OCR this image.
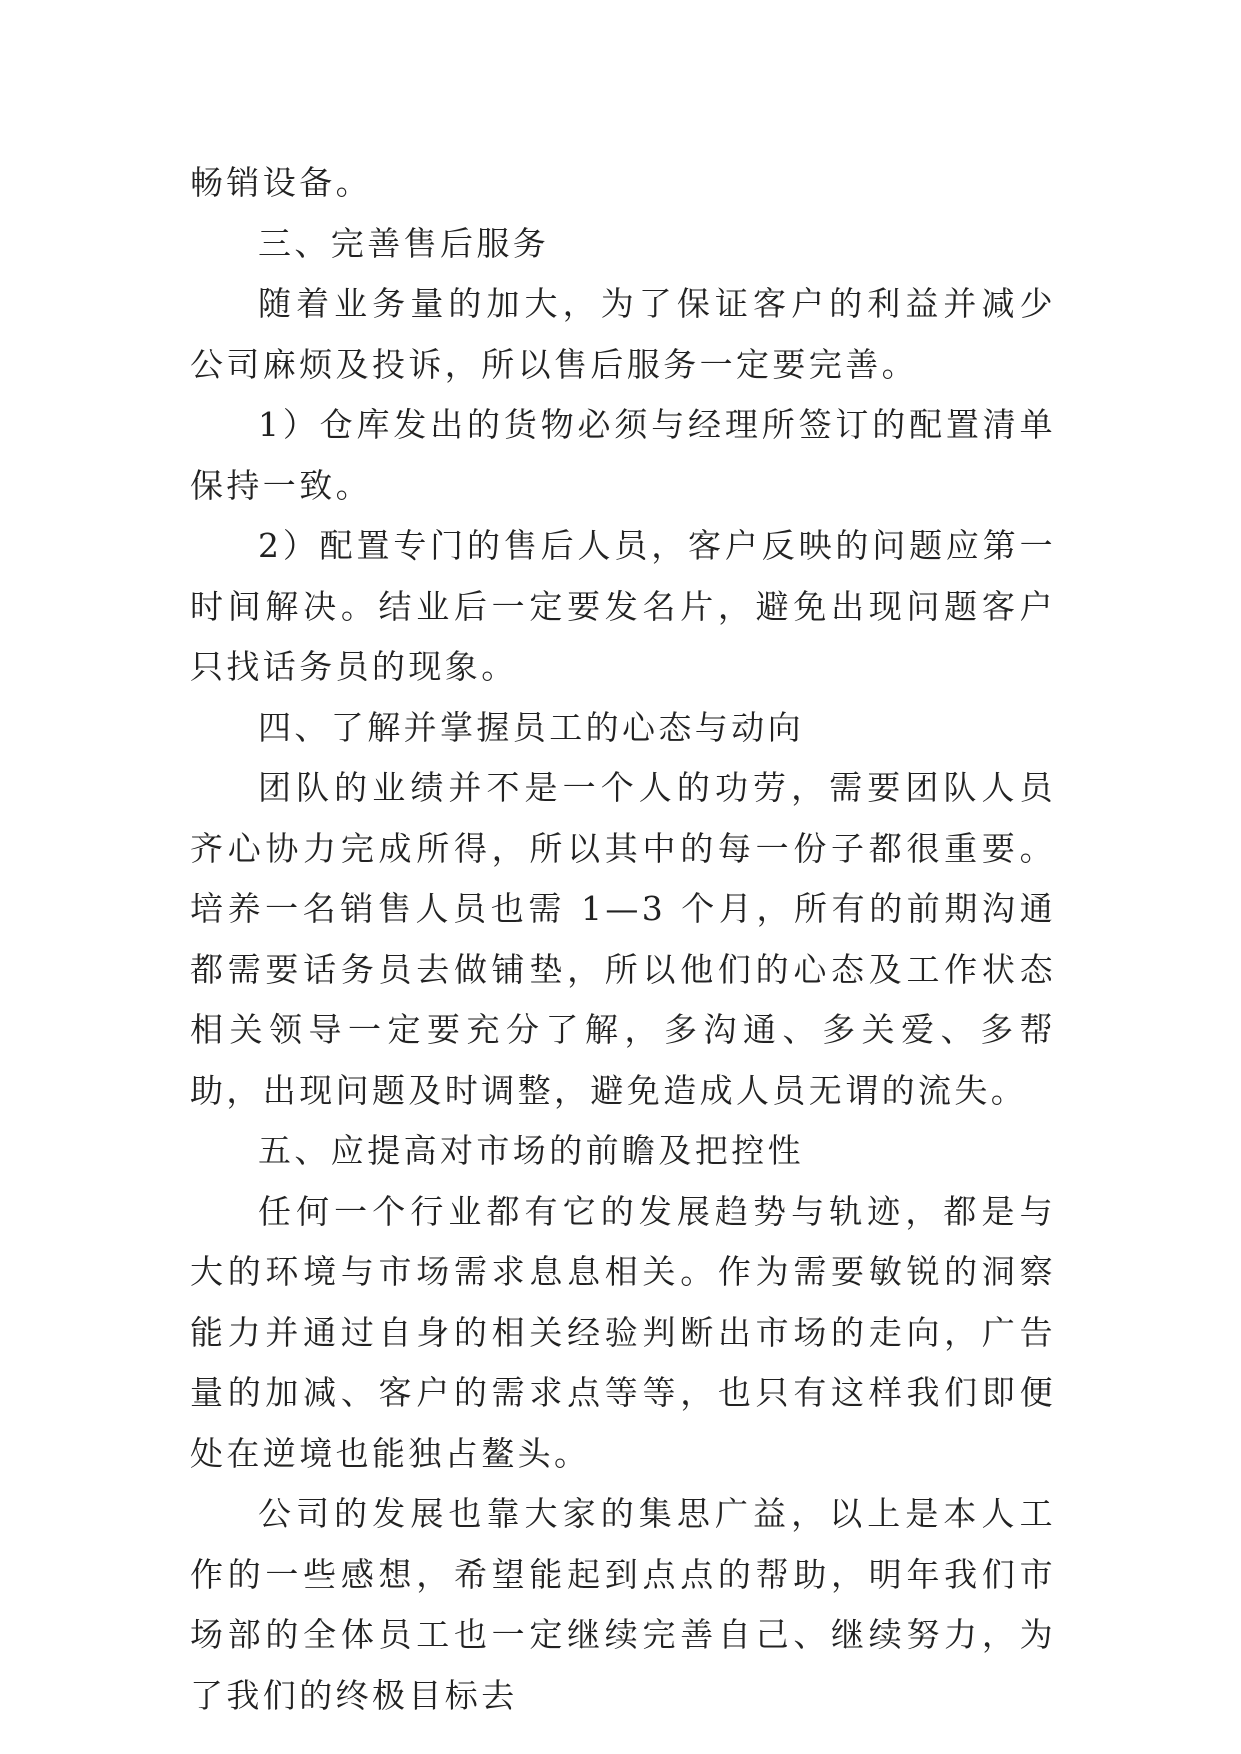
畅销设备。

三、完善售后服务

随着业务量的加大，为了保证客户的利益并减少公司麻烦及投诉，所以售后服务一定要完善。

1）仓库发出的货物必须与经理所签订的配置清单保持一致。

2）配置专门的售后人员，客户反映的问题应第一时间解决。结业后一定要发名片，避免出现问题客户只找话务员的现象。

四、了解并掌握员工的心态与动向

团队的业绩并不是一个人的功劳，需要团队人员齐心协力完成所得，所以其中的每一份子都很重要。培养一名销售人员也需 1—3 个月，所有的前期沟通都需要话务员去做铺垫，所以他们的心态及工作状态相关领导一定要充分了解，多沟通、多关爱、多帮助，出现问题及时调整，避免造成人员无谓的流失。

五、应提高对市场的前瞻及把控性

任何一个行业都有它的发展趋势与轨迹，都是与大的环境与市场需求息息相关。作为需要敏锐的洞察能力并通过自身的相关经验判断出市场的走向，广告量的加减、客户的需求点等等，也只有这样我们即便处在逆境也能独占鳌头。

公司的发展也靠大家的集思广益，以上是本人工作的一些感想，希望能起到点点的帮助，明年我们市场部的全体员工也一定继续完善自己、继续努力，为了我们的终极目标去
